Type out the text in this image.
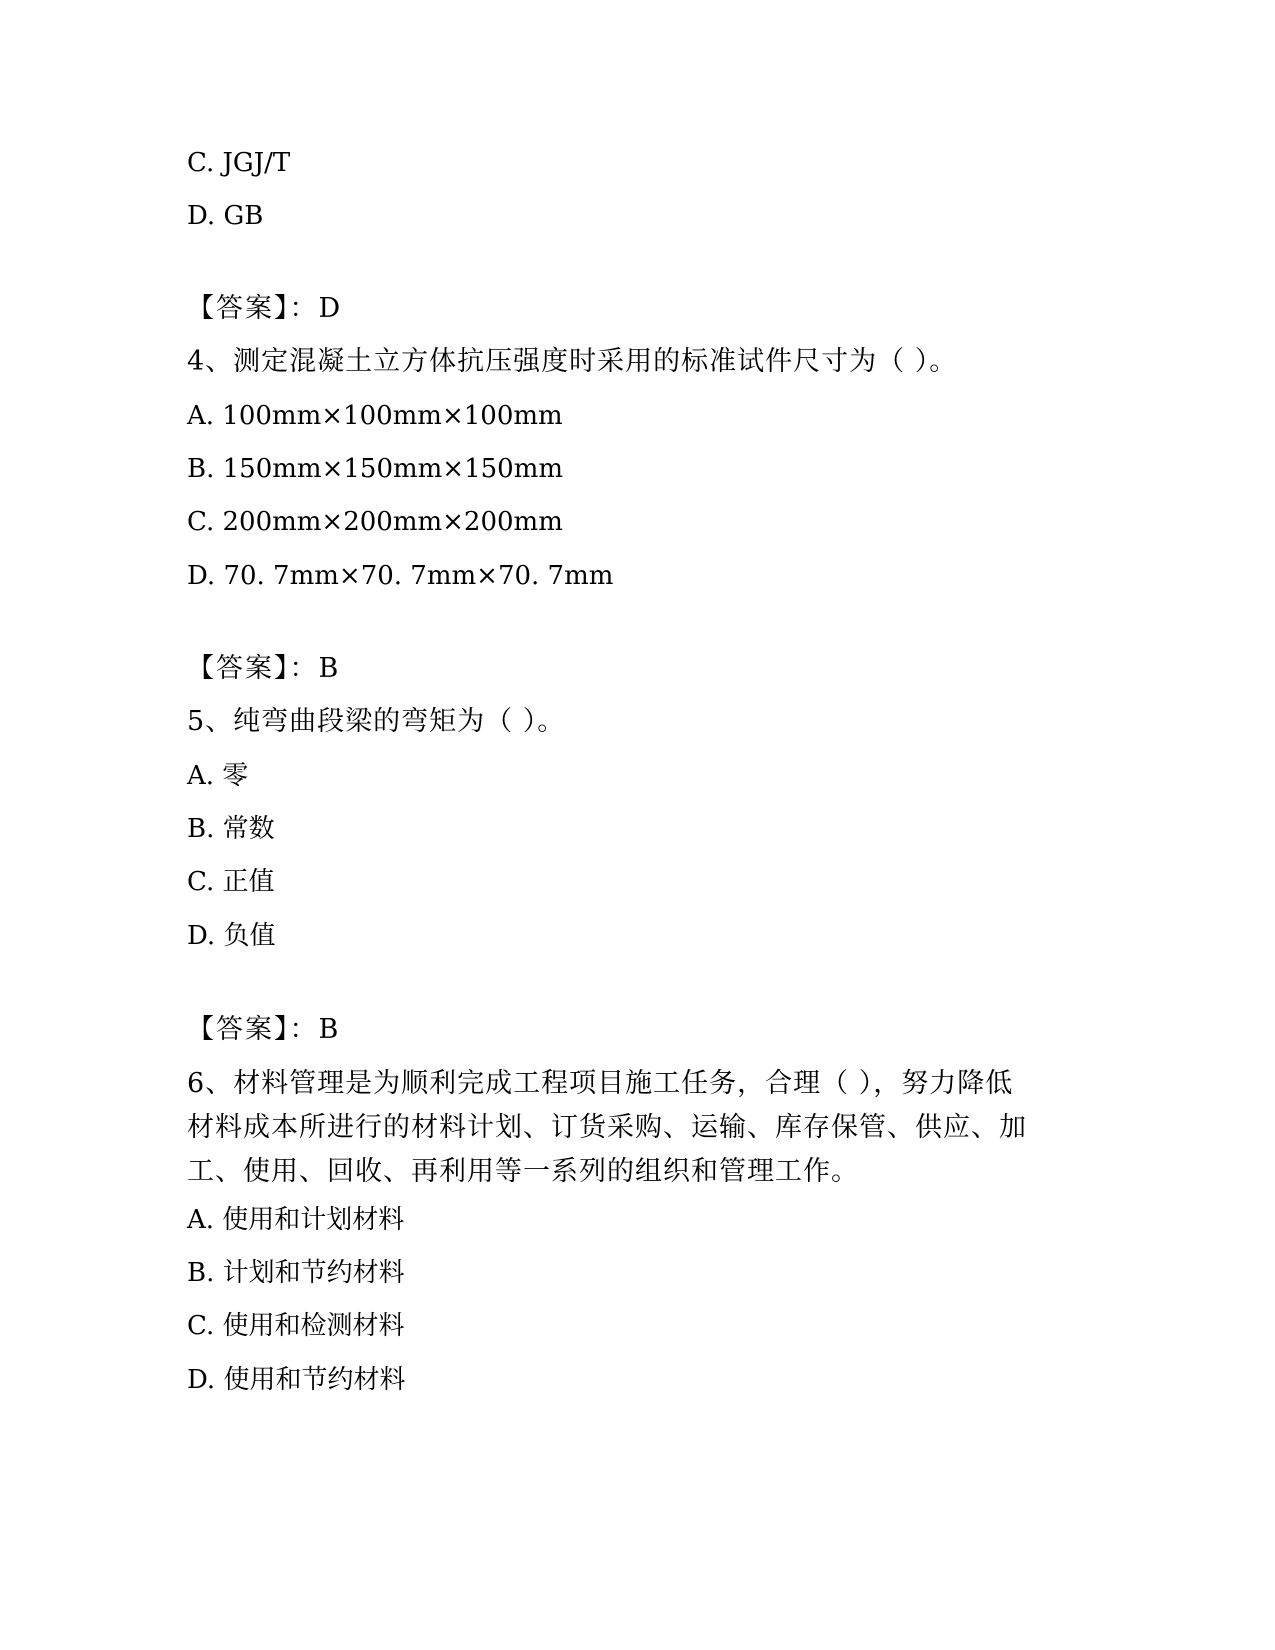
C. JGJ/T
D. GB
【答案】：D
4、测定混凝土立方体抗压强度时采用的标准试件尺寸为（ ）。
A. 100mm×100mm×100mm
B. 150mm×150mm×150mm
C. 200mm×200mm×200mm
D. 70. 7mm×70. 7mm×70. 7mm
【答案】：B
5、纯弯曲段梁的弯矩为（ ）。
A. 零
B. 常数
C. 正值
D. 负值
【答案】：B
6、材料管理是为顺利完成工程项目施工任务，合理（ ），努力降低
材料成本所进行的材料计划、订货采购、运输、库存保管、供应、加
工、使用、回收、再利用等一系列的组织和管理工作。
A. 使用和计划材料
B. 计划和节约材料
C. 使用和检测材料
D. 使用和节约材料
